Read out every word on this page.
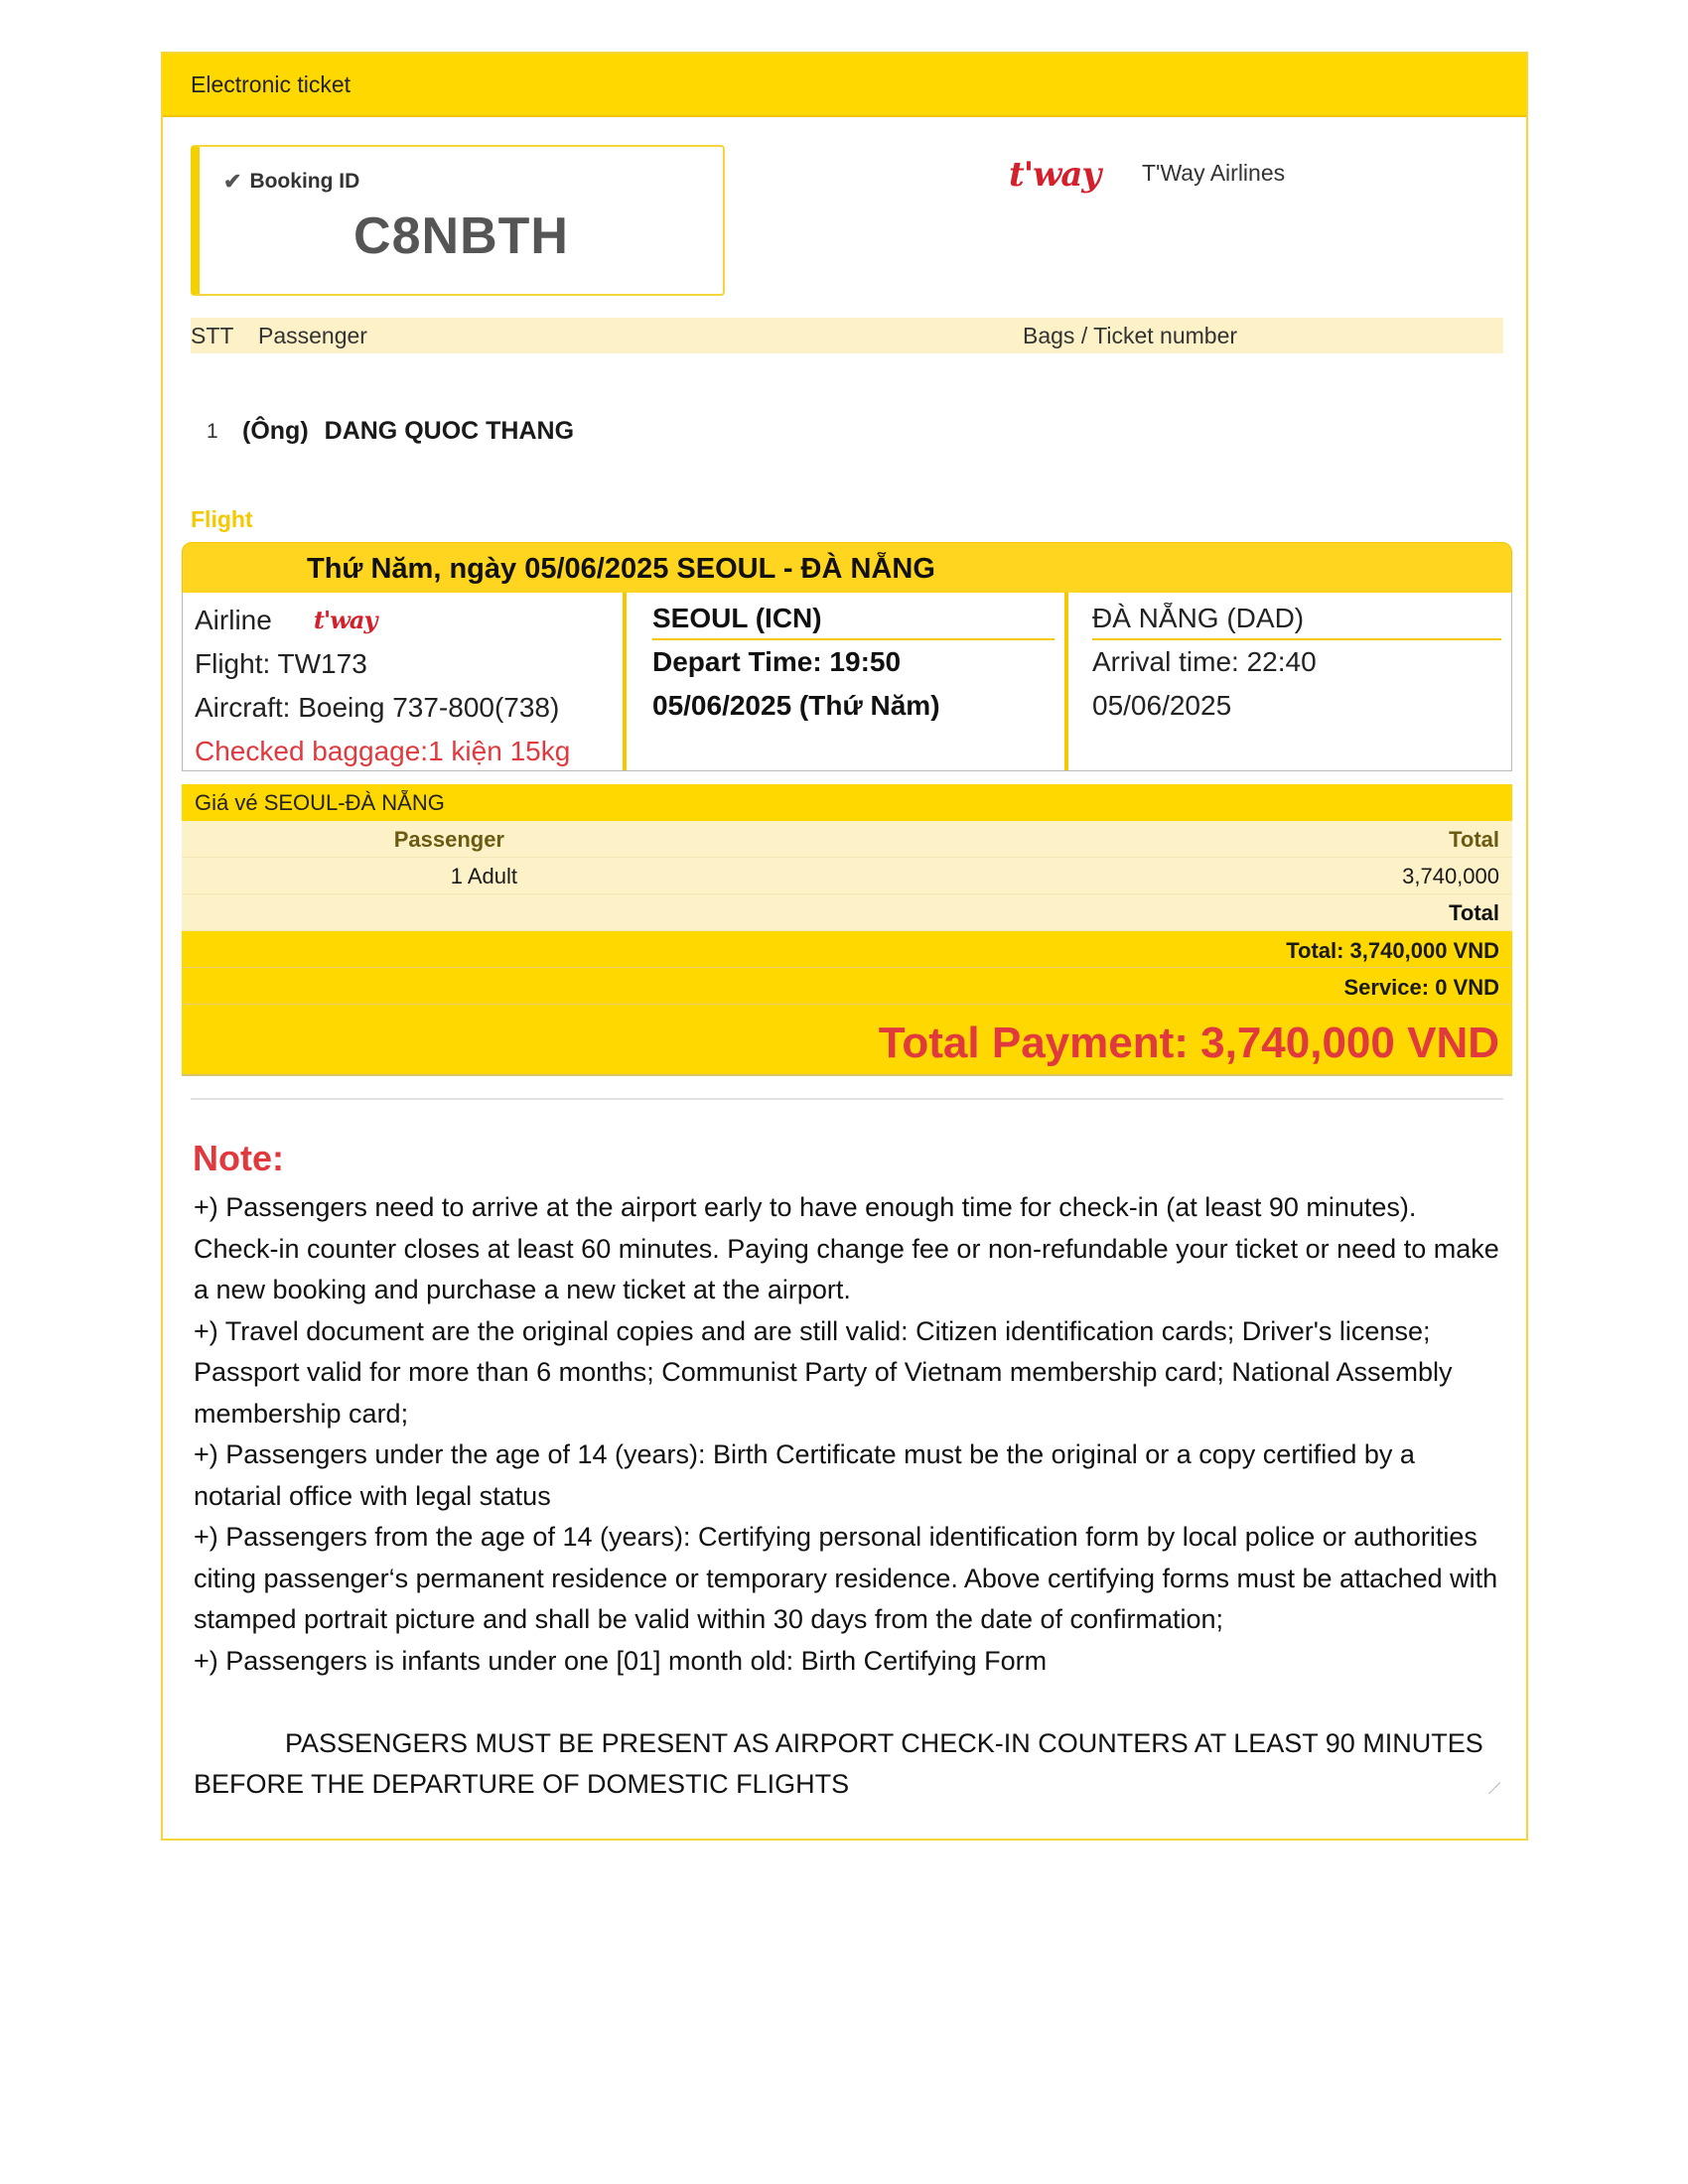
Electronic ticket
✔ Booking ID
C8NBTH
t'way	T'Way Airlines
STT	Passenger	Bags / Ticket number
1 (Ông) DANG QUOC THANG
Flight
Thứ Năm, ngày 05/06/2025 SEOUL - ĐÀ NẴNG
Airline t'way
Flight: TW173
Aircraft: Boeing 737-800(738)
Checked baggage:1 kiện 15kg
SEOUL (ICN)
Depart Time: 19:50
05/06/2025 (Thứ Năm)
ĐÀ NẴNG (DAD)
Arrival time: 22:40
05/06/2025
Giá vé SEOUL-ĐÀ NẴNG
Passenger	Total
1 Adult	3,740,000
Total
Total: 3,740,000 VND
Service: 0 VND
Total Payment: 3,740,000 VND
Note:

+) Passengers need to arrive at the airport early to have enough time for check-in (at least 90 minutes). Check-in counter closes at least 60 minutes. Paying change fee or non-refundable your ticket or need to make a new booking and purchase a new ticket at the airport.

+) Travel document are the original copies and are still valid: Citizen identification cards; Driver's license; Passport valid for more than 6 months; Communist Party of Vietnam membership card; National Assembly membership card;

+) Passengers under the age of 14 (years): Birth Certificate must be the original or a copy certified by a notarial office with legal status

+) Passengers from the age of 14 (years): Certifying personal identification form by local police or authorities citing passenger‘s permanent residence or temporary residence. Above certifying forms must be attached with stamped portrait picture and shall be valid within 30 days from the date of confirmation;

+) Passengers is infants under one [01] month old: Birth Certifying Form

PASSENGERS MUST BE PRESENT AS AIRPORT CHECK-IN COUNTERS AT LEAST 90 MINUTES BEFORE THE DEPARTURE OF DOMESTIC FLIGHTS
